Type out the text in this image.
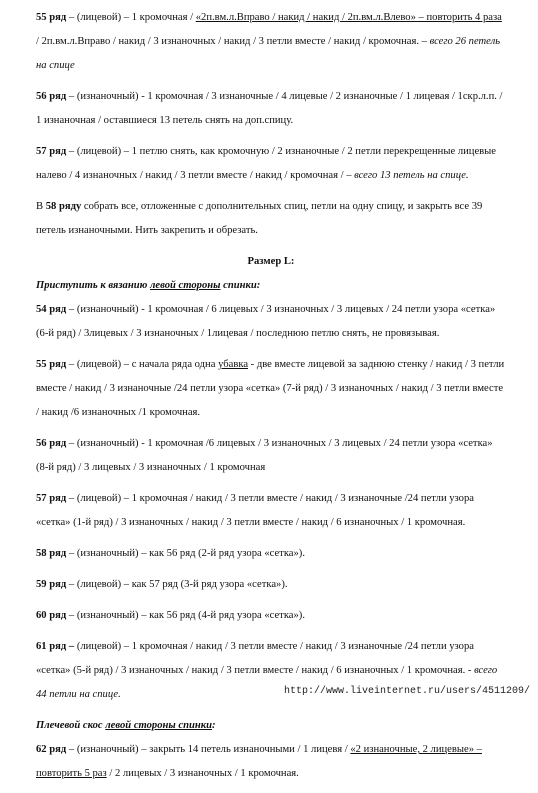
55 ряд – (лицевой) – 1 кромочная / «2п.вм.л.Вправо / накид / накид / 2п.вм.л.Влево» – повторить 4 раза / 2п.вм.л.Вправо / накид / 3 изнаночных / накид / 3 петли вместе / накид / кромочная. – всего 26 петель на спице

56 ряд – (изнаночный) - 1 кромочная / 3 изнаночные / 4 лицевые / 2 изнаночные / 1 лицевая / 1скр.л.п. / 1 изнаночная / оставшиеся 13 петель снять на доп.спицу.

57 ряд – (лицевой) – 1 петлю снять, как кромочную / 2 изнаночные / 2 петли перекрещенные лицевые налево / 4 изнаночных / накид / 3 петли вместе / накид / кромочная / – всего 13 петель на спице.

В 58 ряду собрать все, отложенные с дополнительных спиц, петли на одну спицу, и закрыть все 39 петель изнаночными. Нить закрепить и обрезать.

Размер L:

Приступить к вязанию левой стороны спинки:

54 ряд – (изнаночный) - 1 кромочная / 6 лицевых / 3 изнаночных / 3 лицевых / 24 петли узора «сетка» (6-й ряд) / 3лицевых / 3 изнаночных / 1лицевая / последнюю петлю снять, не провязывая.

55 ряд – (лицевой) – с начала ряда одна убавка - две вместе лицевой за заднюю стенку / накид / 3 петли вместе / накид / 3 изнаночные /24 петли узора «сетка» (7-й ряд) / 3 изнаночных / накид / 3 петли вместе / накид /6 изнаночных /1 кромочная.

56 ряд – (изнаночный) - 1 кромочная /6 лицевых / 3 изнаночных / 3 лицевых / 24 петли узора «сетка» (8-й ряд) / 3 лицевых / 3 изнаночных / 1 кромочная

57 ряд – (лицевой) – 1 кромочная / накид / 3 петли вместе / накид / 3 изнаночные /24 петли узора «сетка» (1-й ряд) / 3 изнаночных / накид / 3 петли вместе / накид / 6 изнаночных / 1 кромочная.

58 ряд – (изнаночный) – как 56 ряд (2-й ряд узора «сетка»).

59 ряд – (лицевой) – как 57 ряд (3-й ряд узора «сетка»).

60 ряд – (изнаночный) – как 56 ряд (4-й ряд узора «сетка»).

61 ряд – (лицевой) – 1 кромочная / накид / 3 петли вместе / накид / 3 изнаночные /24 петли узора «сетка» (5-й ряд) / 3 изнаночных / накид / 3 петли вместе / накид / 6 изнаночных / 1 кромочная. - всего 44 петли на спице.

Плечевой скос левой стороны спинки:

62 ряд – (изнаночный) – закрыть 14 петель изнаночными / 1 лицевя / «2 изнаночные, 2 лицевые» – повторить 5 раз / 2 лицевых / 3 изнаночных / 1 кромочная.

http://www.liveinternet.ru/users/4511209/
